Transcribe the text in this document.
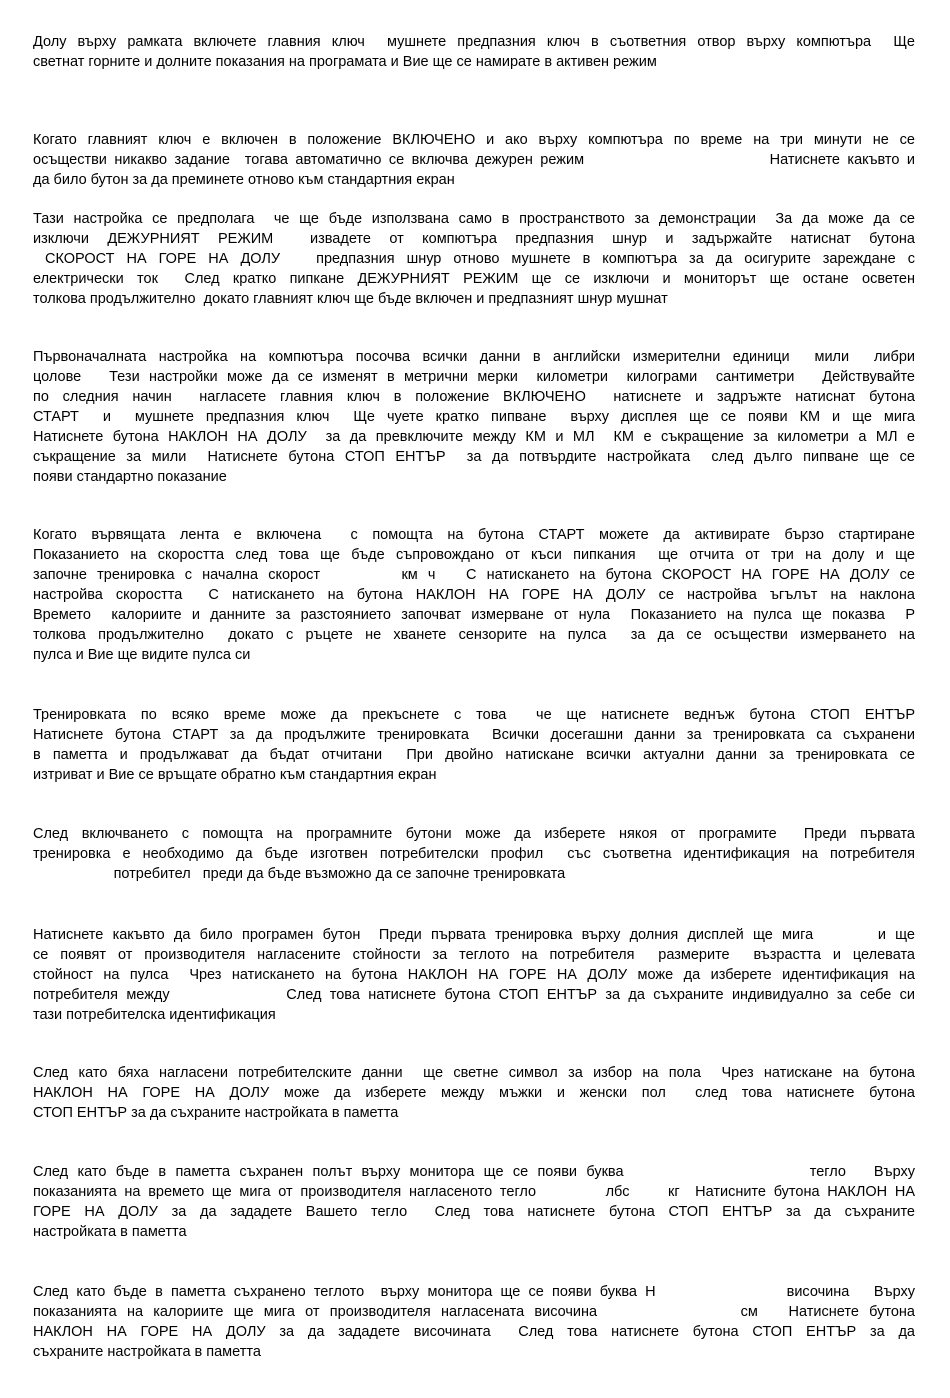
Долу върху рамката включете главния ключ  мушнете предпазния ключ в съответния отвор върху компютъра  Ще
светнат горните и долните показания на програмата и Вие ще се намирате в активен режим
Когато главният ключ е включен в положение ВКЛЮЧЕНО и ако върху компютъра по време на три минути не се
осъществи никакво задание  тогава автоматично се включва дежурен режим                         Натиснете какъвто и
да било бутон за да преминете отново към стандартния екран
Тази настройка се предполага  че ще бъде използвана само в пространството за демонстрации  За да може да се
изключи ДЕЖУРНИЯТ РЕЖИМ  извадете от компютъра предпазния шнур и задържайте натиснат бутона
СКОРОСТ НА ГОРЕ НА ДОЛУ   предпазния шнур отново мушнете в компютъра за да осигурите зареждане с
електрически ток  След кратко пипкане ДЕЖУРНИЯТ РЕЖИМ ще се изключи и мониторът ще остане осветен
толкова продължително  докато главният ключ ще бъде включен и предпазният шнур мушнат
Първоначалната настройка на компютъра посочва всички данни в английски измерителни единици  мили  либри
цолове   Тези настройки може да се изменят в метрични мерки  километри  килограми  сантиметри   Действувайте
по следния начин  нагласете главния ключ в положение ВКЛЮЧЕНО  натиснете и задръжте натиснат бутона
СТАРТ  и  мушнете предпазния ключ  Ще чуете кратко пипване  върху дисплея ще се появи КМ и ще мига
Натиснете бутона НАКЛОН НА ДОЛУ  за да превключите между КМ и МЛ  КМ е съкращение за километри а МЛ е
съкращение за мили  Натиснете бутона СТОП ЕНТЪР  за да потвърдите настройката  след дълго пипване ще се
появи стандартно показание
Когато вървящата лента е включена  с помощта на бутона СТАРТ можете да активирате бързо стартиране
Показанието на скоростта след това ще бъде съпровождано от къси пипкания  ще отчита от три на долу и ще
започне тренировка с начална скорост        км ч   С натискането на бутона СКОРОСТ НА ГОРЕ НА ДОЛУ се
настройва скоростта  С натискането на бутона НАКЛОН НА ГОРЕ НА ДОЛУ се настройва ъгълът на наклона
Времето  калориите и данните за разстоянието започват измерване от нула  Показанието на пулса ще показва  Р
толкова продължително  докато с ръцете не хванете сензорите на пулса  за да се осъществи измерването на
пулса и Вие ще видите пулса си
Тренировката по всяко време може да прекъснете с това  че ще натиснете веднъж бутона СТОП ЕНТЪР
Натиснете бутона СТАРТ за да продължите тренировката  Всички досегашни данни за тренировката са съхранени
в паметта и продължават да бъдат отчитани  При двойно натискане всички актуални данни за тренировката се
изтриват и Вие се връщате обратно към стандартния екран
След включването с помощта на програмните бутони може да изберете някоя от програмите  Преди първата
тренировка е необходимо да бъде изготвен потребителски профил  със съответна идентификация на потребителя
потребител   преди да бъде възможно да се започне тренировката
Натиснете какъвто да било програмен бутон  Преди първата тренировка върху долния дисплей ще мига       и ще
се появят от производителя нагласените стойности за теглото на потребителя  размерите  възрастта и целевата
стойност на пулса  Чрез натискането на бутона НАКЛОН НА ГОРЕ НА ДОЛУ може да изберете идентификация на
потребителя между              След това натиснете бутона СТОП ЕНТЪР за да съхраните индивидуално за себе си
тази потребителска идентификация
След като бяха нагласени потребителските данни  ще светне символ за избор на пола  Чрез натискане на бутона
НАКЛОН НА ГОРЕ НА ДОЛУ може да изберете между мъжки и женски пол  след това натиснете бутона
СТОП ЕНТЪР за да съхраните настройката в паметта
След като бъде в паметта съхранен полът върху монитора ще се появи буква                    тегло   Върху
показанията на времето ще мига от производителя нагласеното тегло         лбс     кг  Натисните бутона НАКЛОН НА
ГОРЕ НА ДОЛУ за да зададете Вашето тегло  След това натиснете бутона СТОП ЕНТЪР за да съхраните
настройката в паметта
След като бъде в паметта съхранено теглото  върху монитора ще се появи буква Н                височина   Върху
показанията на калориите ще мига от производителя нагласената височина              см   Натиснете бутона
НАКЛОН НА ГОРЕ НА ДОЛУ за да зададете височината  След това натиснете бутона СТОП ЕНТЪР за да
съхраните настройката в паметта
